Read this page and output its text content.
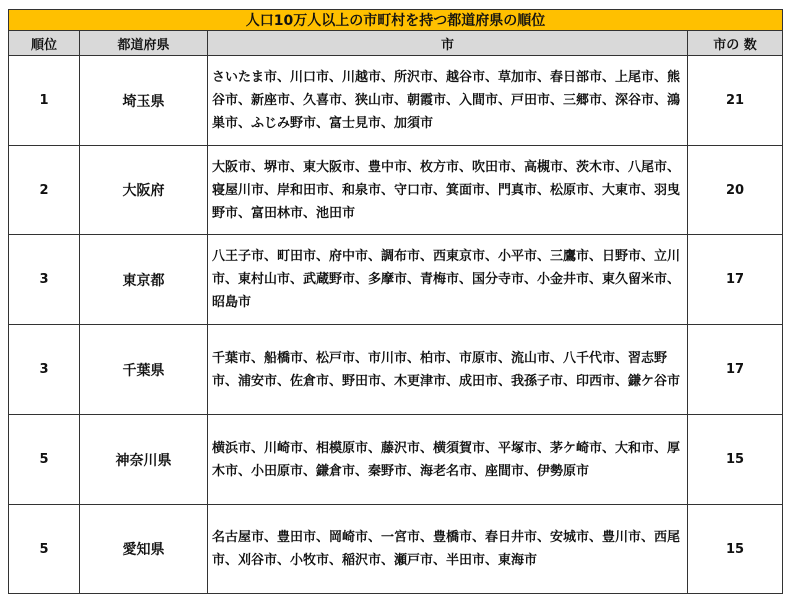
人口10万人以上の市町村を持つ都道府県の順位			
順位	都道府県	市	市の 数
1	埼玉県	さいたま市、川口市、川越市、所沢市、越谷市、草加市、春日部市、上尾市、熊谷市、新座市、久喜市、狭山市、朝霞市、入間市、戸田市、三郷市、深谷市、鴻巣市、ふじみ野市、富士見市、加須市	21
2	大阪府	大阪市、堺市、東大阪市、豊中市、枚方市、吹田市、高槻市、茨木市、八尾市、寝屋川市、岸和田市、和泉市、守口市、箕面市、門真市、松原市、大東市、羽曳野市、富田林市、池田市	20
3	東京都	八王子市、町田市、府中市、調布市、西東京市、小平市、三鷹市、日野市、立川市、東村山市、武蔵野市、多摩市、青梅市、国分寺市、小金井市、東久留米市、昭島市	17
3	千葉県	千葉市、船橋市、松戸市、市川市、柏市、市原市、流山市、八千代市、習志野市、浦安市、佐倉市、野田市、木更津市、成田市、我孫子市、印西市、鎌ケ谷市	17
5	神奈川県	横浜市、川崎市、相模原市、藤沢市、横須賀市、平塚市、茅ケ崎市、大和市、厚木市、小田原市、鎌倉市、秦野市、海老名市、座間市、伊勢原市	15
5	愛知県	名古屋市、豊田市、岡崎市、一宮市、豊橋市、春日井市、安城市、豊川市、西尾市、刈谷市、小牧市、稲沢市、瀬戸市、半田市、東海市	15
